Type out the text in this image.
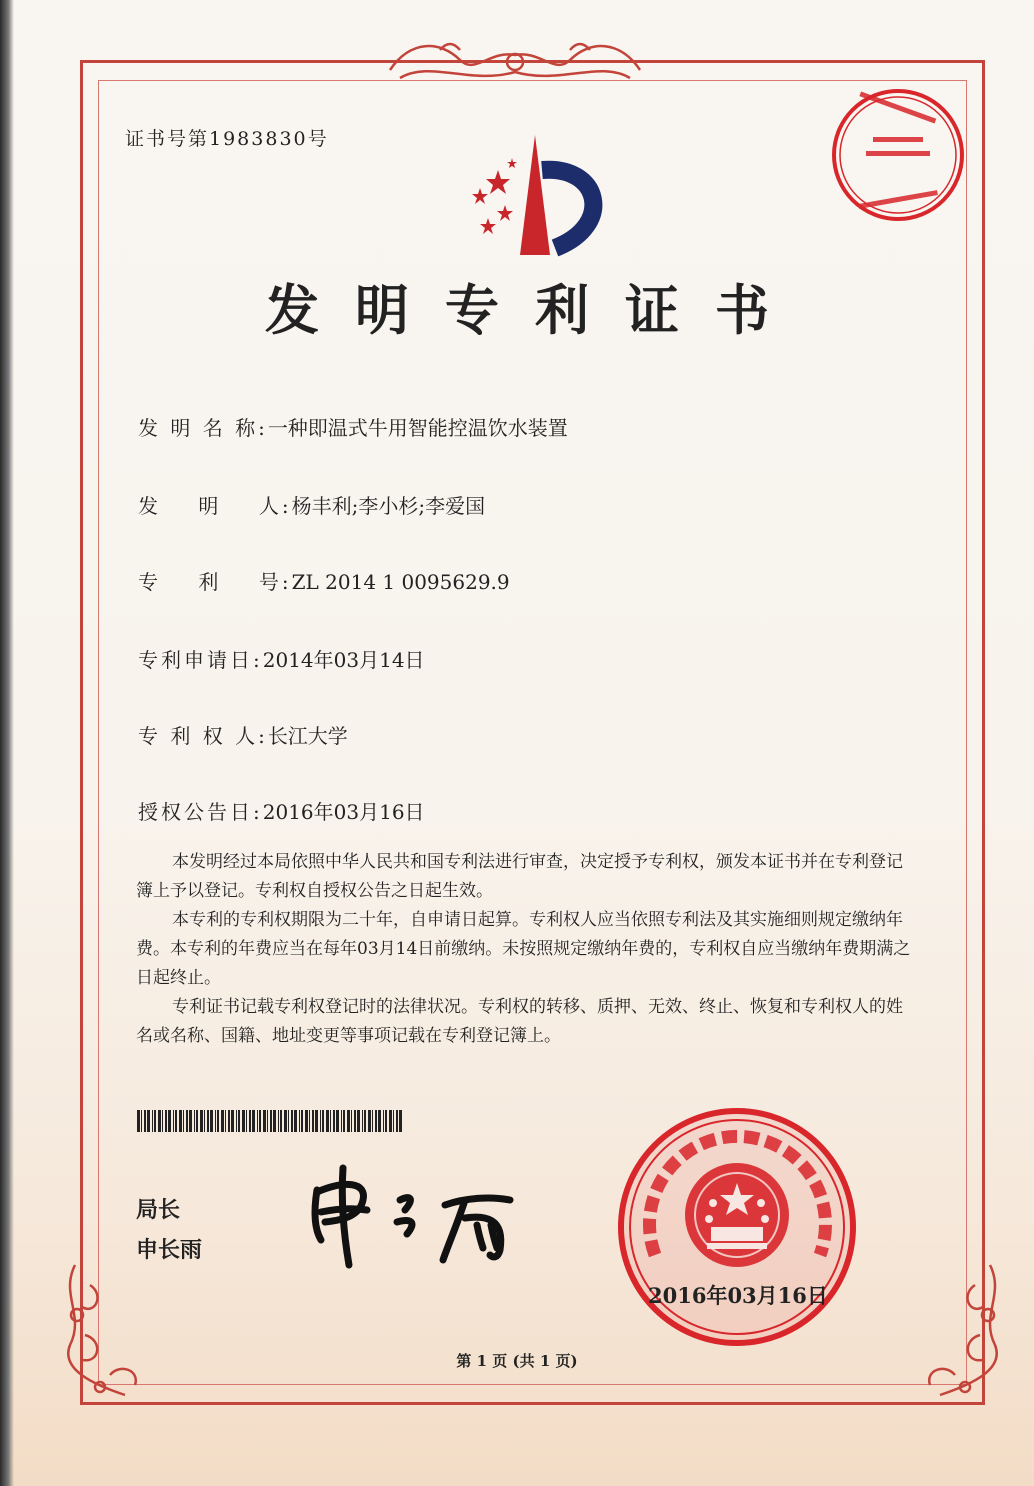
证书号第1983830号
发明专利证书
发 明 名 称:一种即温式牛用智能控温饮水装置
发    明    人:杨丰利;李小杉;李爱国
专    利    号:ZL 2014 1 0095629.9
专利申请日:2014年03月14日
专 利 权 人:长江大学
授权公告日:2016年03月16日

本发明经过本局依照中华人民共和国专利法进行审查，决定授予专利权，颁发本证书并在专利登记簿上予以登记。专利权自授权公告之日起生效。

本专利的专利权期限为二十年，自申请日起算。专利权人应当依照专利法及其实施细则规定缴纳年费。本专利的年费应当在每年03月14日前缴纳。未按照规定缴纳年费的，专利权自应当缴纳年费期满之日起终止。

专利证书记载专利权登记时的法律状况。专利权的转移、质押、无效、终止、恢复和专利权人的姓名或名称、国籍、地址变更等事项记载在专利登记簿上。

局长
申长雨
2016年03月16日
第 1 页 (共 1 页)
